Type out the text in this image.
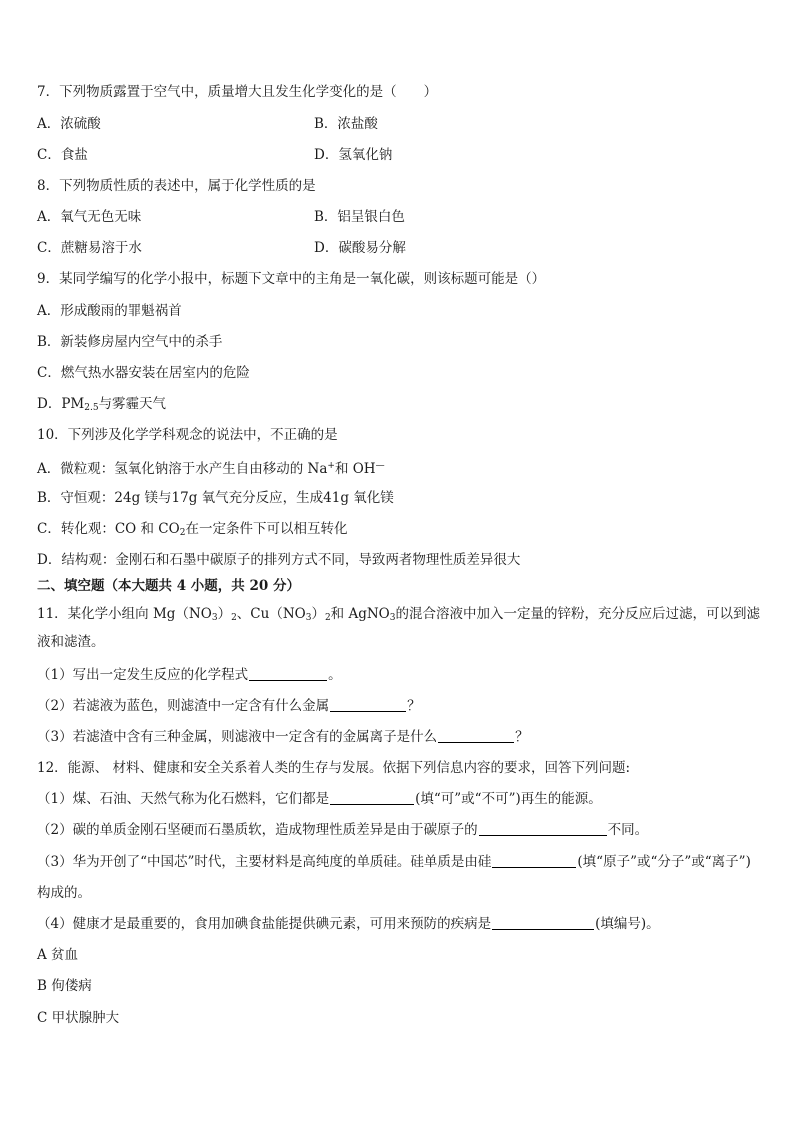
7．下列物质露置于空气中，质量增大且发生化学变化的是（　　）
A．浓硫酸	B．浓盐酸
C．食盐	D．氢氧化钠
8．下列物质性质的表述中，属于化学性质的是
A．氧气无色无味	B．铝呈银白色
C．蔗糖易溶于水	D．碳酸易分解
9．某同学编写的化学小报中，标题下文章中的主角是一氧化碳，则该标题可能是（）
A．形成酸雨的罪魁祸首
B．新装修房屋内空气中的杀手
C．燃气热水器安装在居室内的危险
D．$PM_{2.5}$与雾霾天气
10．下列涉及化学学科观念的说法中，不正确的是
A．微粒观：氢氧化钠溶于水产生自由移动的 Na+和 OH—
B．守恒观：24g 镁与17g 氧气充分反应，生成41g 氧化镁
C．转化观：CO 和 $CO_2$在一定条件下可以相互转化
D．结构观：金刚石和石墨中碳原子的排列方式不同，导致两者物理性质差异很大
二、填空题（本大题共 4 小题，共 20 分）
11．某化学小组向 $Mg(NO_3)_2$、$Cu(NO_3)_2$和 AgNO$_3$的混合溶液中加入一定量的锌粉，充分反应后过滤，可以到滤
液和滤渣。
（1）写出一定发生反应的化学程式	。
（2）若滤液为蓝色，则滤渣中一定含有什么金属	？
（3）若滤渣中含有三种金属，则滤液中一定含有的金属离子是什么	？
12．能源、 材料、健康和安全关系着人类的生存与发展。依据下列信息内容的要求，回答下列问题:
（1）煤、石油、天然气称为化石燃料，它们都是	(填“可”或“不可”)再生的能源。
（2）碳的单质金刚石坚硬而石墨质软，造成物理性质差异是由于碳原子的	不同。
（3）华为开创了“中国芯”时代，主要材料是高纯度的单质硅。硅单质是由硅	(填“原子”或“分子”或“离子”)
构成的。
（4）健康才是最重要的，食用加碘食盐能提供碘元素，可用来预防的疾病是	(填编号)。
A 贫血
B 佝偻病
C 甲状腺肿大
